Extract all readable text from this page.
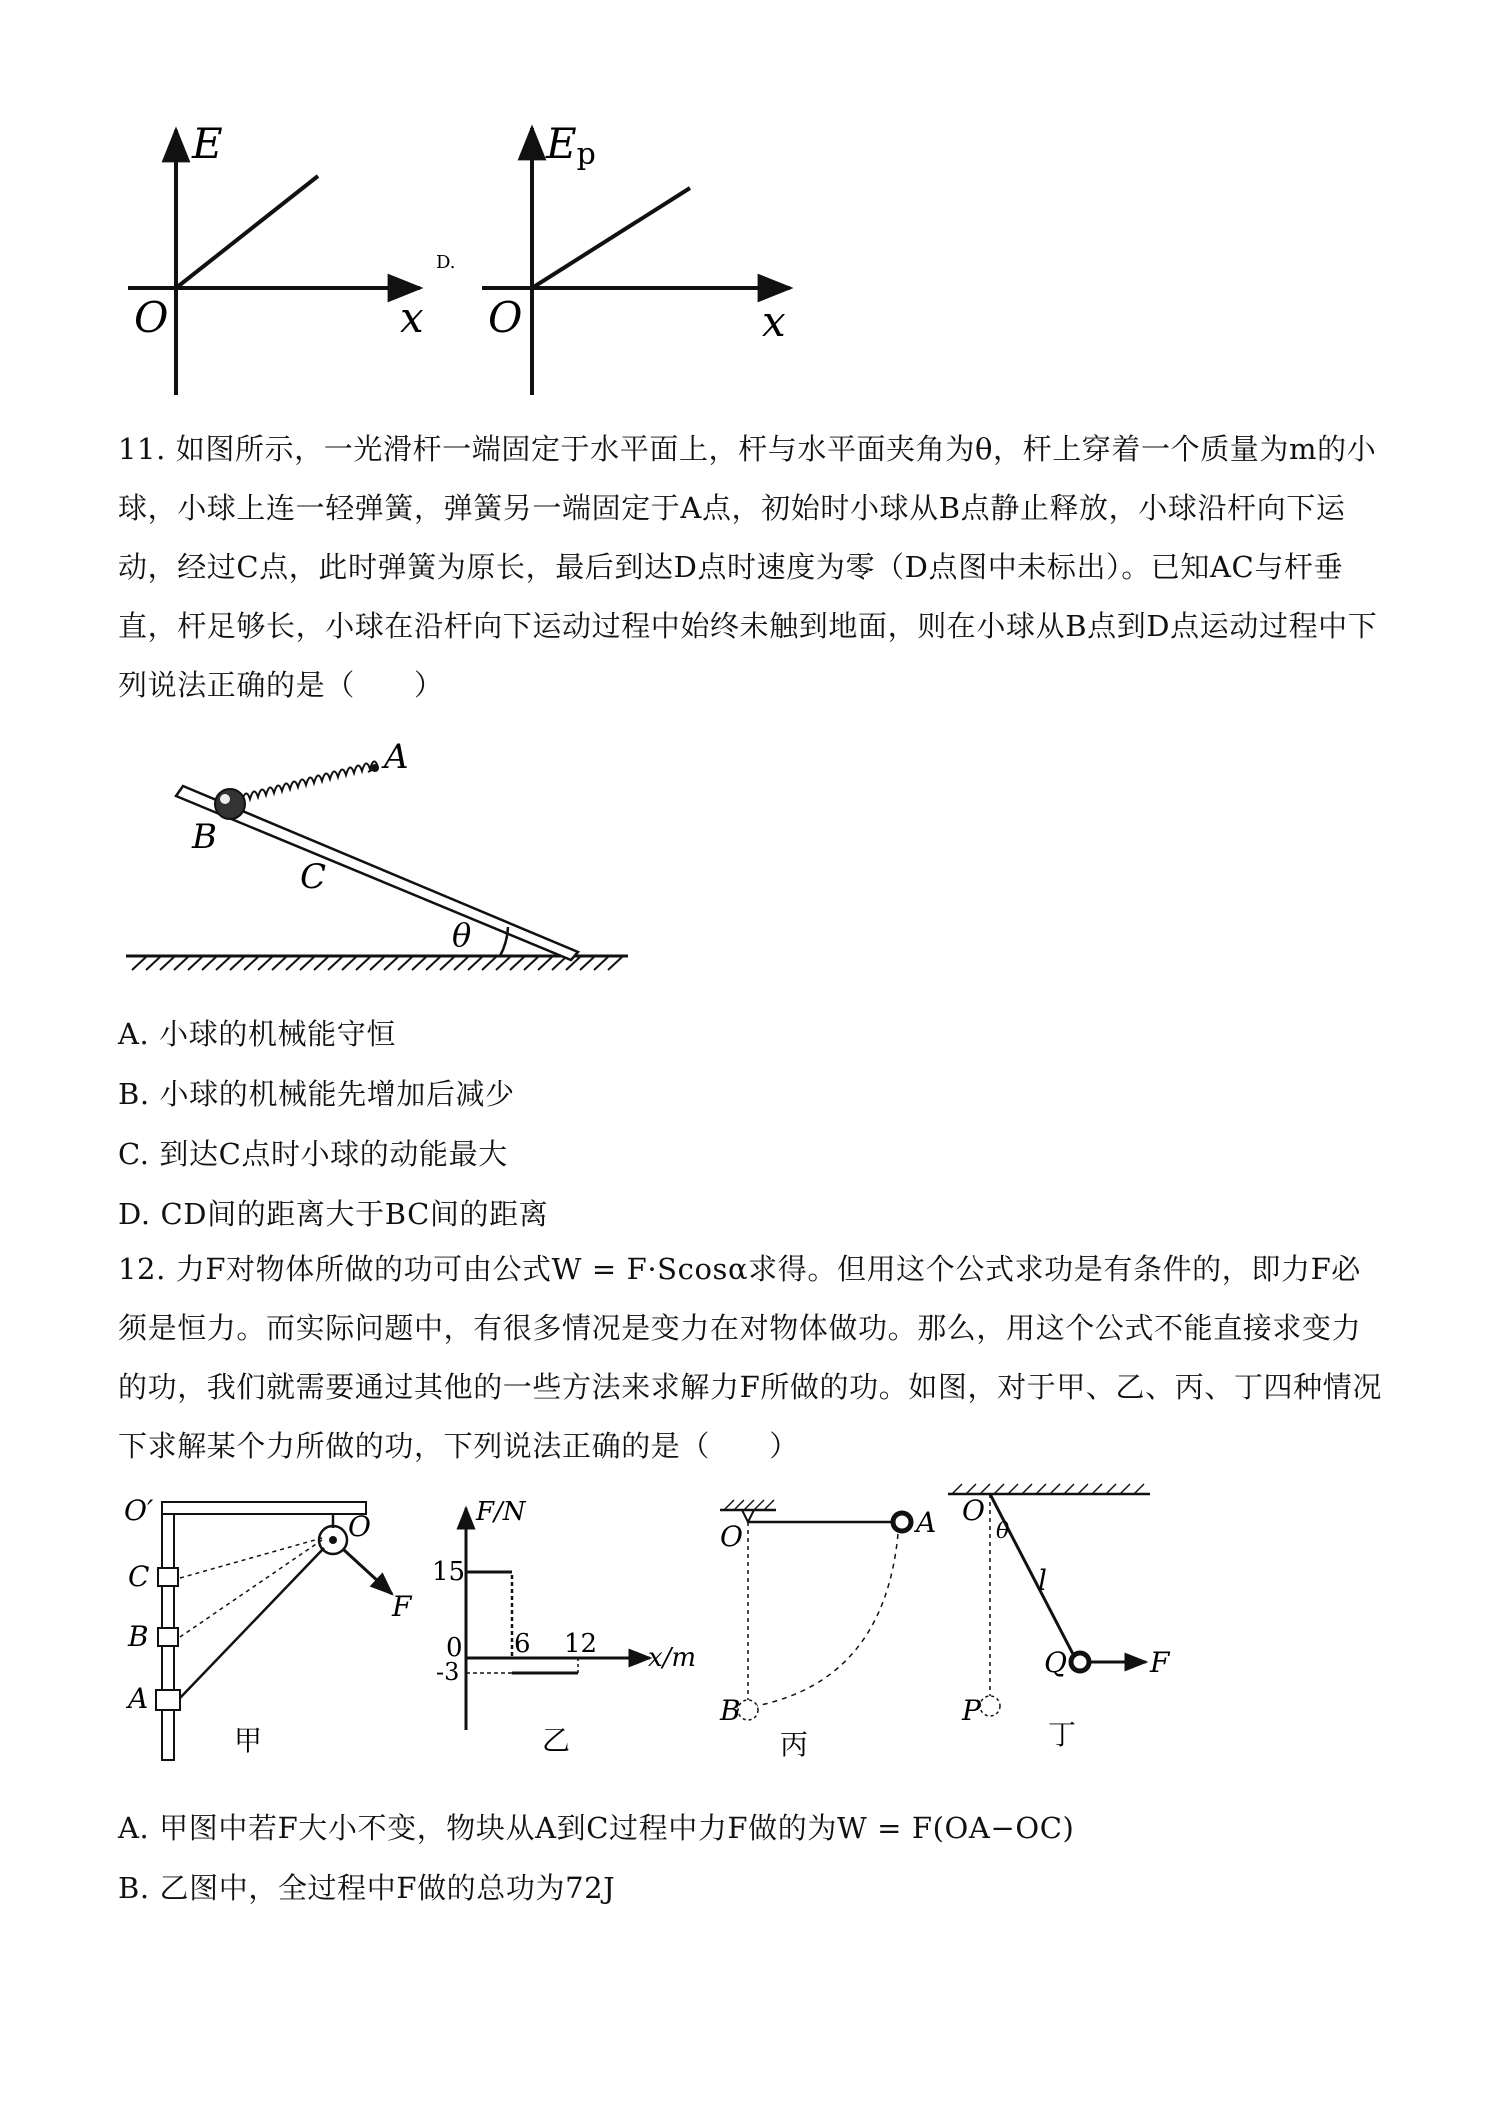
E
O	x
D.
Ep
O	x
11. 如图所示，一光滑杆一端固定于水平面上，杆与水平面夹角为θ，杆上穿着一个质量为m的小球，小球上连一轻弹簧，弹簧另一端固定于A点，初始时小球从B点静止释放，小球沿杆向下运动，经过C点，此时弹簧为原长，最后到达D点时速度为零（D点图中未标出）。已知AC与杆垂直，杆足够长，小球在沿杆向下运动过程中始终未触到地面，则在小球从B点到D点运动过程中下列说法正确的是（　　）
A
B
C
θ
A. 小球的机械能守恒
B. 小球的机械能先增加后减少
C. 到达C点时小球的动能最大
D. CD间的距离大于BC间的距离
12. 力F对物体所做的功可由公式W = F·Scosα求得。但用这个公式求功是有条件的，即力F必须是恒力。而实际问题中，有很多情况是变力在对物体做功。那么，用这个公式不能直接求变力的功，我们就需要通过其他的一些方法来求解力F所做的功。如图，对于甲、乙、丙、丁四种情况下求解某个力所做的功，下列说法正确的是（　　）
O′
C
B
A
O
F
甲
F/N
15
0
-3
6 12 x/m
乙
O	A
B
丙
O
θ
l
Q	F
P
丁
A. 甲图中若F大小不变，物块从A到C过程中力F做的为W = F(OA−OC)
B. 乙图中，全过程中F做的总功为72J
